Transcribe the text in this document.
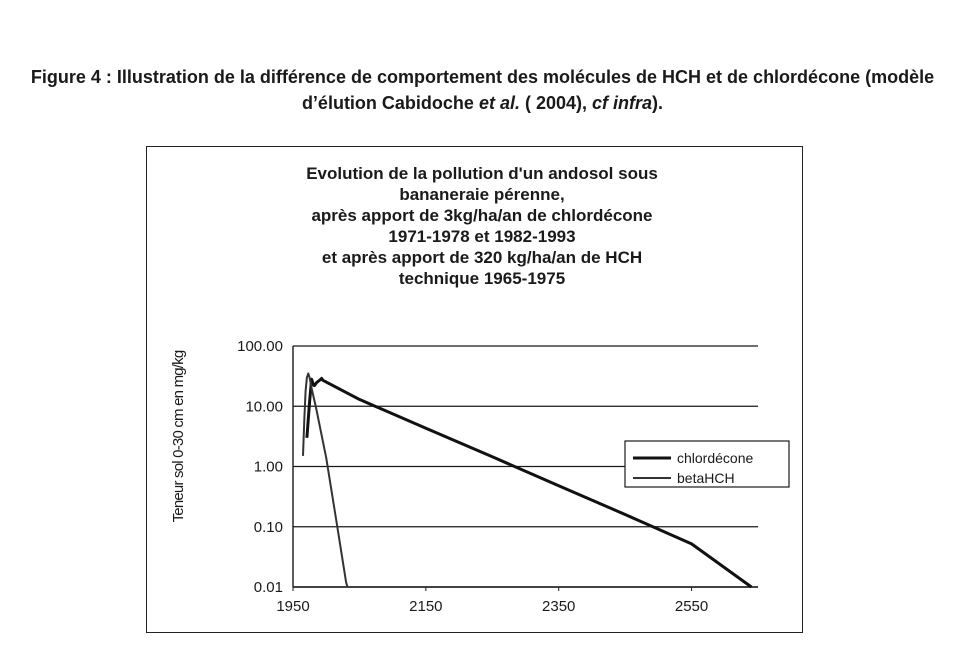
Figure 4 : Illustration de la différence de comportement des molécules de HCH et de chlordécone (modèle d’élution Cabidoche et al. ( 2004), cf infra).
Evolution de la pollution d'un andosol sous
bananeraie pérenne,
après apport de 3kg/ha/an de chlordécone
1971-1978 et 1982-1993
et après apport de 320 kg/ha/an de HCH
technique 1965-1975
100.00
10.00
1.00
0.10
0.01
1950	2150	2350	2550
Teneur sol 0-30 cm en mg/kg	chlordécone
betaHCH
